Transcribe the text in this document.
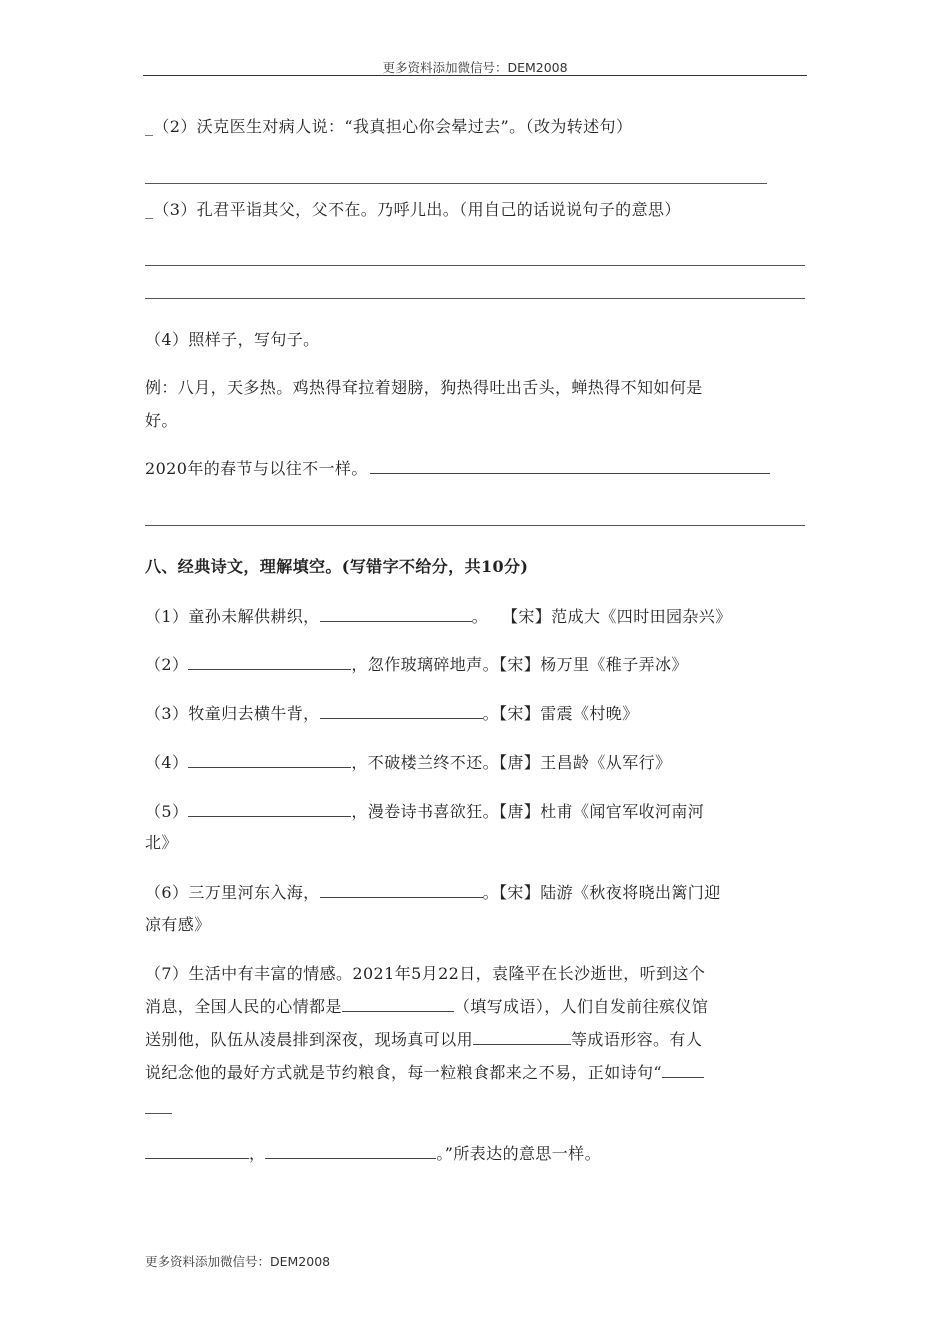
更多资料添加微信号：DEM2008
_（2）沃克医生对病人说：“我真担心你会晕过去”。（改为转述句）
_（3）孔君平诣其父，父不在。乃呼儿出。（用自己的话说说句子的意思）
（4）照样子，写句子。
例：八月，天多热。鸡热得耷拉着翅膀，狗热得吐出舌头，蝉热得不知如何是
好。
2020年的春节与以往不一样。
八、经典诗文，理解填空。(写错字不给分，共10分)
（1）童孙未解供耕织，	。 【宋】范成大《四时田园杂兴》
（2）	，忽作玻璃碎地声。【宋】杨万里《稚子弄冰》
（3）牧童归去横牛背，	。【宋】雷震《村晚》
（4）	，不破楼兰终不还。【唐】王昌龄《从军行》
（5）	，漫卷诗书喜欲狂。【唐】杜甫《闻官军收河南河
北》
（6）三万里河东入海，	。【宋】陆游《秋夜将晓出篱门迎
凉有感》
（7）生活中有丰富的情感。2021年5月22日，袁隆平在长沙逝世，听到这个
消息，全国人民的心情都是	（填写成语），人们自发前往殡仪馆
送别他，队伍从凌晨排到深夜，现场真可以用	等成语形容。有人
说纪念他的最好方式就是节约粮食，每一粒粮食都来之不易，正如诗句“
，	。”所表达的意思一样。
更多资料添加微信号：DEM2008
